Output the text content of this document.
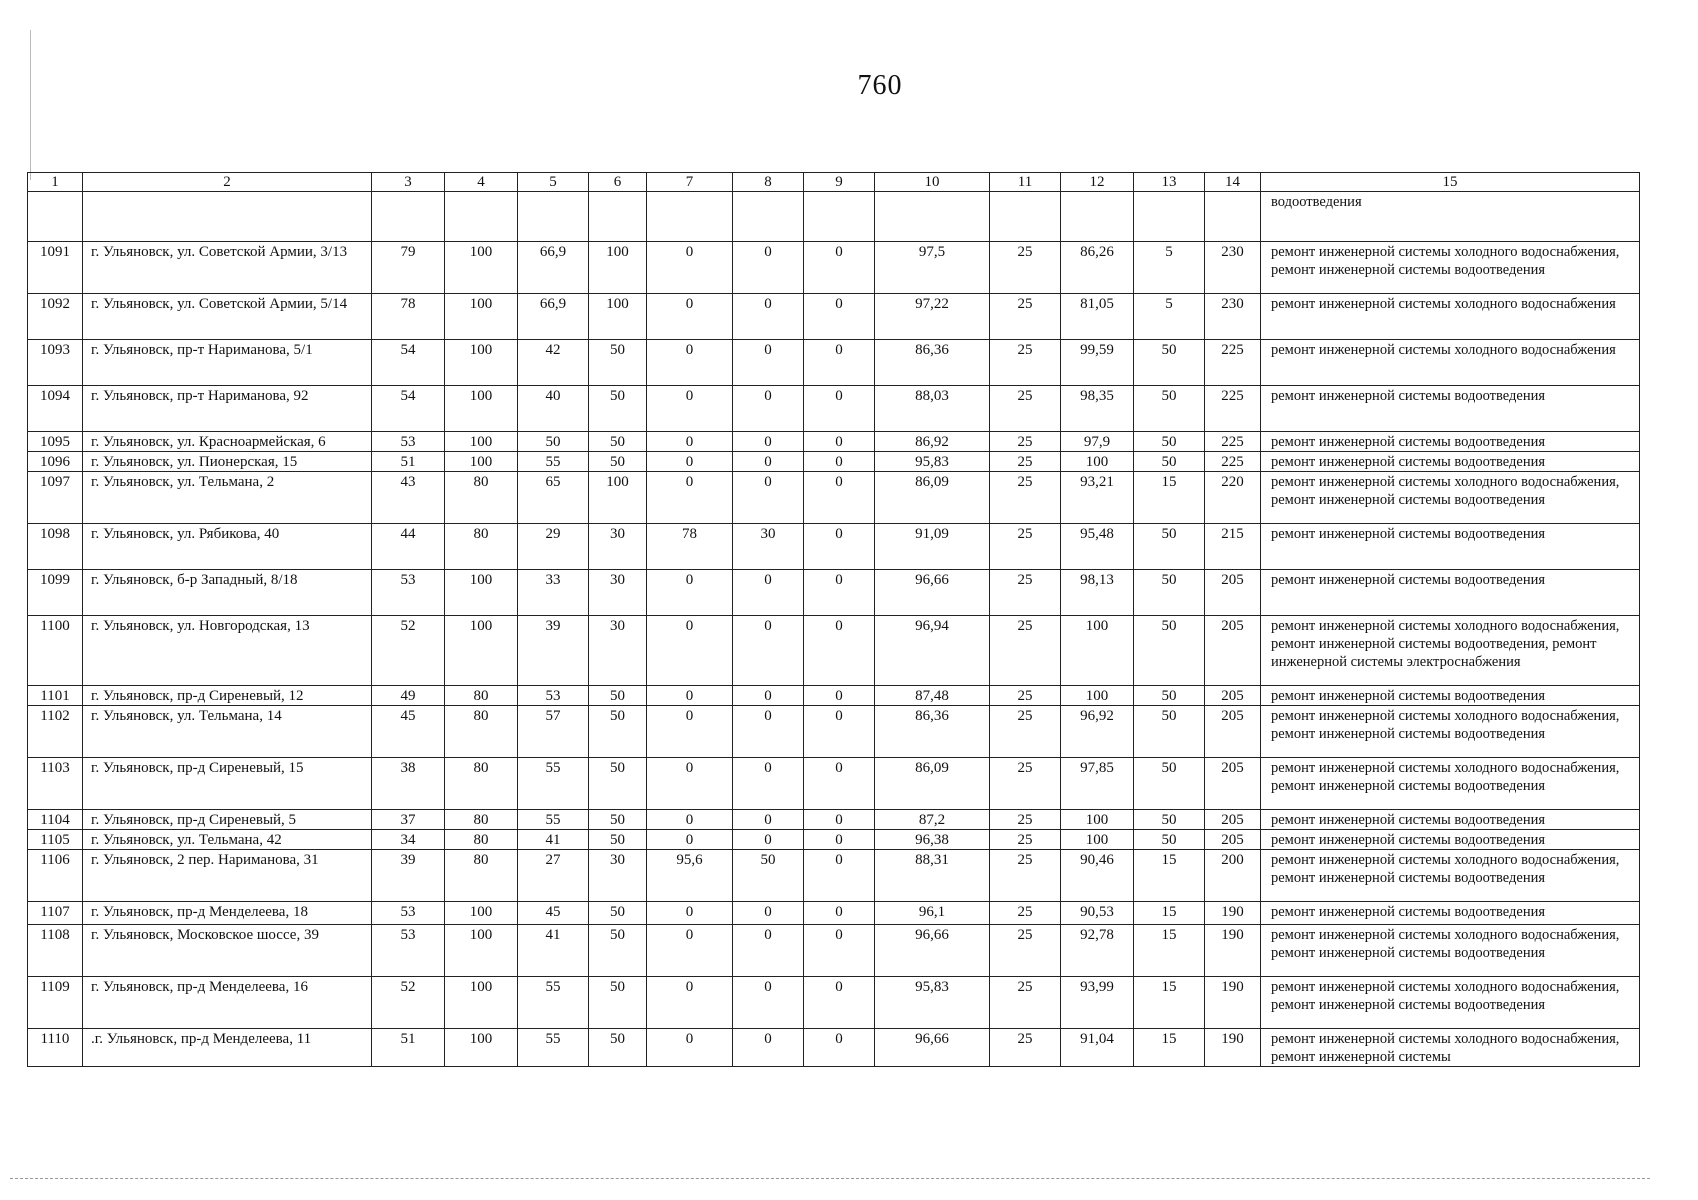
760
1	2	3	4	5	6	7	8	9	10	11	12	13	14	15
														водоотведения
1091	г. Ульяновск, ул. Советской Армии, 3/13	79	100	66,9	100	0	0	0	97,5	25	86,26	5	230	ремонт инженерной системы холодного водоснабжения, ремонт инженерной системы водоотведения
1092	г. Ульяновск, ул. Советской Армии, 5/14	78	100	66,9	100	0	0	0	97,22	25	81,05	5	230	ремонт инженерной системы холодного водоснабжения
1093	г. Ульяновск, пр-т Нариманова, 5/1	54	100	42	50	0	0	0	86,36	25	99,59	50	225	ремонт инженерной системы холодного водоснабжения
1094	г. Ульяновск, пр-т Нариманова, 92	54	100	40	50	0	0	0	88,03	25	98,35	50	225	ремонт инженерной системы водоотведения
1095	г. Ульяновск, ул. Красноармейская, 6	53	100	50	50	0	0	0	86,92	25	97,9	50	225	ремонт инженерной системы водоотведения
1096	г. Ульяновск, ул. Пионерская, 15	51	100	55	50	0	0	0	95,83	25	100	50	225	ремонт инженерной системы водоотведения
1097	г. Ульяновск, ул. Тельмана, 2	43	80	65	100	0	0	0	86,09	25	93,21	15	220	ремонт инженерной системы холодного водоснабжения, ремонт инженерной системы водоотведения
1098	г. Ульяновск, ул. Рябикова, 40	44	80	29	30	78	30	0	91,09	25	95,48	50	215	ремонт инженерной системы водоотведения
1099	г. Ульяновск, б-р Западный, 8/18	53	100	33	30	0	0	0	96,66	25	98,13	50	205	ремонт инженерной системы водоотведения
1100	г. Ульяновск, ул. Новгородская, 13	52	100	39	30	0	0	0	96,94	25	100	50	205	ремонт инженерной системы холодного водоснабжения, ремонт инженерной системы водоотведения, ремонт инженерной системы электроснабжения
1101	г. Ульяновск, пр-д Сиреневый, 12	49	80	53	50	0	0	0	87,48	25	100	50	205	ремонт инженерной системы водоотведения
1102	г. Ульяновск, ул. Тельмана, 14	45	80	57	50	0	0	0	86,36	25	96,92	50	205	ремонт инженерной системы холодного водоснабжения, ремонт инженерной системы водоотведения
1103	г. Ульяновск, пр-д Сиреневый, 15	38	80	55	50	0	0	0	86,09	25	97,85	50	205	ремонт инженерной системы холодного водоснабжения, ремонт инженерной системы водоотведения
1104	г. Ульяновск, пр-д Сиреневый, 5	37	80	55	50	0	0	0	87,2	25	100	50	205	ремонт инженерной системы водоотведения
1105	г. Ульяновск, ул. Тельмана, 42	34	80	41	50	0	0	0	96,38	25	100	50	205	ремонт инженерной системы водоотведения
1106	г. Ульяновск, 2 пер. Нариманова, 31	39	80	27	30	95,6	50	0	88,31	25	90,46	15	200	ремонт инженерной системы холодного водоснабжения, ремонт инженерной системы водоотведения
1107	г. Ульяновск, пр-д Менделеева, 18	53	100	45	50	0	0	0	96,1	25	90,53	15	190	ремонт инженерной системы водоотведения
1108	г. Ульяновск, Московское шоссе, 39	53	100	41	50	0	0	0	96,66	25	92,78	15	190	ремонт инженерной системы холодного водоснабжения, ремонт инженерной системы водоотведения
1109	г. Ульяновск, пр-д Менделеева, 16	52	100	55	50	0	0	0	95,83	25	93,99	15	190	ремонт инженерной системы холодного водоснабжения, ремонт инженерной системы водоотведения
1110	.г. Ульяновск, пр-д Менделеева, 11	51	100	55	50	0	0	0	96,66	25	91,04	15	190	ремонт инженерной системы холодного водоснабжения, ремонт инженерной системы
